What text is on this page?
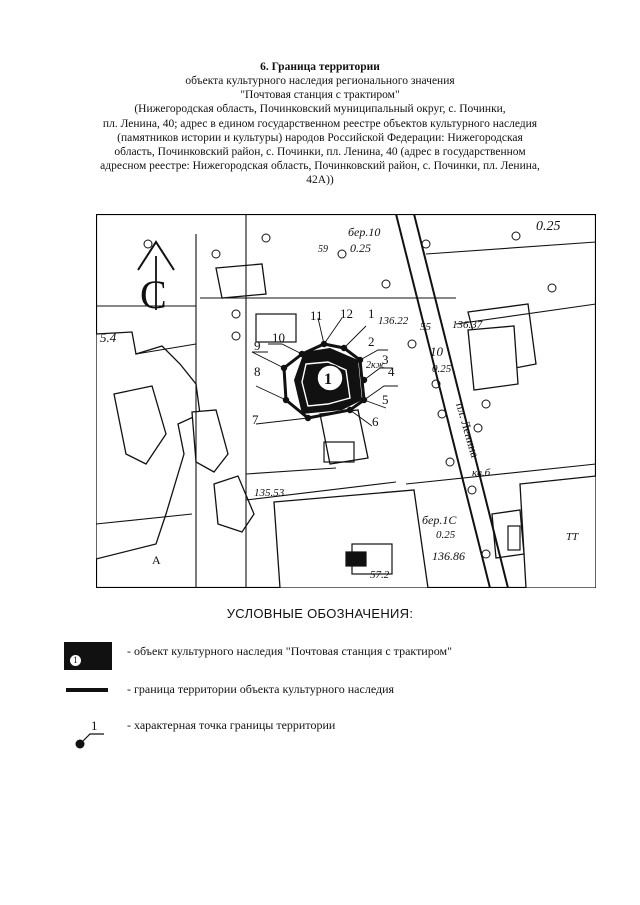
6. Граница территории
объекта культурного наследия регионального значения
"Почтовая станция с трактиром"
(Нижегородская область, Починковский муниципальный округ, с. Починки,
пл. Ленина, 40; адрес в едином государственном реестре объектов культурного наследия
(памятников истории и культуры) народов Российской Федерации: Нижегородская
область, Починковский район, с. Починки, пл. Ленина, 40 (адрес в государственном
адресном реестре: Нижегородская область, Починковский район, с. Починки, пл. Ленина,
42А))
С
бер.10
0.25
0.25
5.4
136.22 55 136.37
10
0.25
2кж
135.53
бер.1С
0.25
136.86
ТТ
А
57.2
кв.б
59
пл. Ленина
1
1
2
3
4
5
6
7
8
9
10
11 12
УСЛОВНЫЕ ОБОЗНАЧЕНИЯ:
1
- объект культурного наследия "Почтовая станция с трактиром"
- граница территории объекта культурного наследия
1 - характерная точка границы территории
